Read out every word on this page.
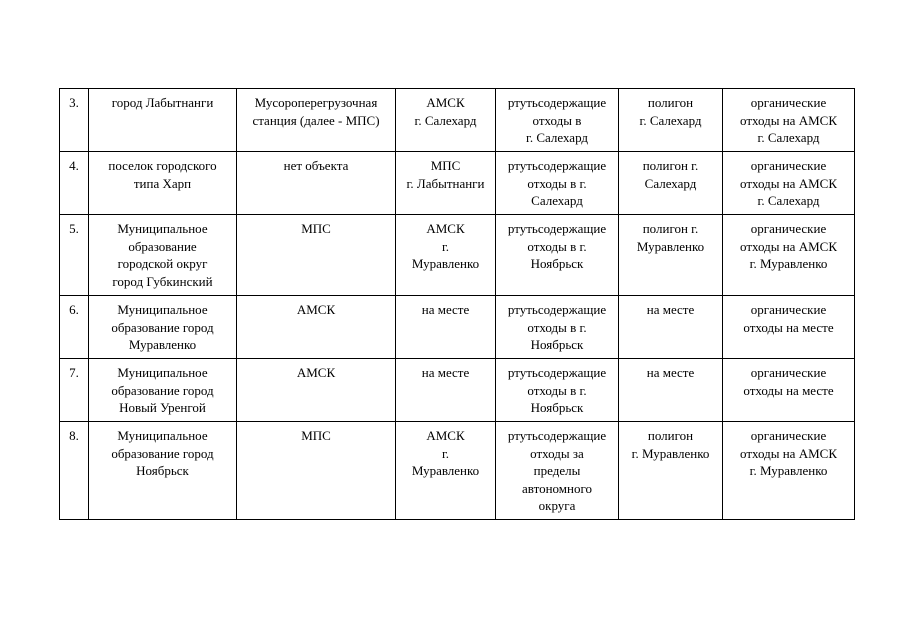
3.	город Лабытнанги	Мусороперегрузочная
станция (далее - МПС)	АМСК
г. Салехард	ртутьсодержащие
отходы в
г. Салехард	полигон
г. Салехард	органические
отходы на АМСК
г. Салехард

4.	поселок городского
типа Харп	нет объекта	МПС
г. Лабытнанги	ртутьсодержащие
отходы в г.
Салехард	полигон г.
Салехард	органические
отходы на АМСК
г. Салехард

5.	Муниципальное
образование
городской округ
город Губкинский	МПС	АМСК
г.
Муравленко	ртутьсодержащие
отходы в г.
Ноябрьск	полигон г.
Муравленко	органические
отходы на АМСК
г. Муравленко

6.	Муниципальное
образование город
Муравленко	АМСК	на месте	ртутьсодержащие
отходы в г.
Ноябрьск	на месте	органические
отходы на месте

7.	Муниципальное
образование город
Новый Уренгой	АМСК	на месте	ртутьсодержащие
отходы в г.
Ноябрьск	на месте	органические
отходы на месте

8.	Муниципальное
образование город
Ноябрьск	МПС	АМСК
г.
Муравленко	ртутьсодержащие
отходы за
пределы
автономного
округа	полигон
г. Муравленко	органические
отходы на АМСК
г. Муравленко
